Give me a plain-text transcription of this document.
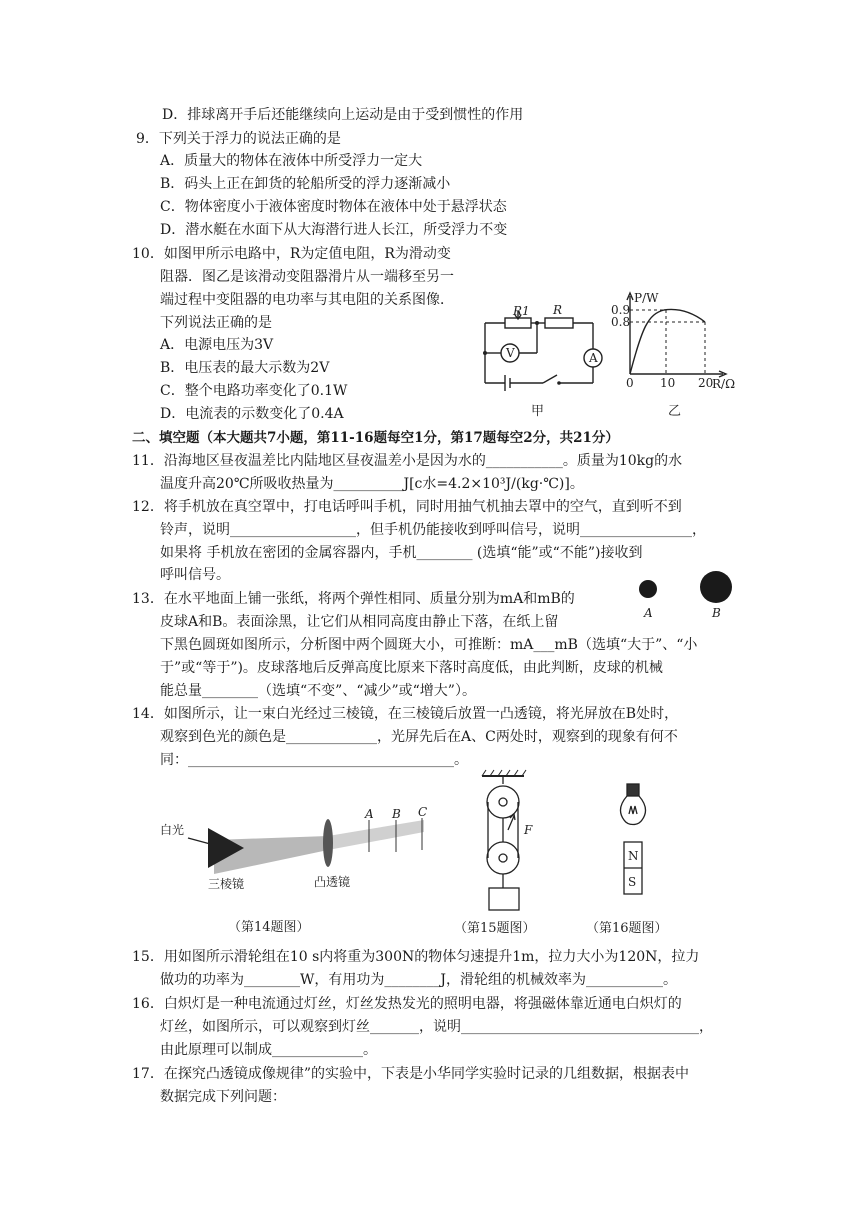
D．排球离开手后还能继续向上运动是由于受到惯性的作用
9．下列关于浮力的说法正确的是
A．质量大的物体在液体中所受浮力一定大
B．码头上正在卸货的轮船所受的浮力逐渐减小
C．物体密度小于液体密度时物体在液体中处于悬浮状态
D．潜水艇在水面下从大海潜行进人长江，所受浮力不变
10．如图甲所示电路中，R为定值电阻，R为滑动变
阻器．图乙是该滑动变阻器滑片从一端移至另一
端过程中变阻器的电功率与其电阻的关系图像．
下列说法正确的是
A．电源电压为3V
B．电压表的最大示数为2V
C．整个电路功率变化了0.1W
D．电流表的示数变化了0.4A
二、填空题（本大题共7小题，第11-16题每空1分，第17题每空2分，共21分）
11．沿海地区昼夜温差比内陆地区昼夜温差小是因为水的___________。质量为10kg的水
温度升高20℃所吸收热量为__________J[c水=4.2×10³J/(kg·℃)]。
12．将手机放在真空罩中，打电话呼叫手机，同时用抽气机抽去罩中的空气，直到听不到
铃声，说明__________________，但手机仍能接收到呼叫信号，说明________________，
如果将 手机放在密团的金属容器内，手机________ (选填“能”或“不能”)接收到
呼叫信号。
13．在水平地面上铺一张纸，将两个弹性相同、质量分别为mA和mB的
皮球A和B。表面涂黑，让它们从相同高度由静止下落，在纸上留
下黑色圆斑如图所示，分析图中两个圆斑大小，可推断：mA___mB（选填“大于”、“小
于”或“等于”)。皮球落地后反弹高度比原来下落时高度低，由此判断，皮球的机械
能总量________（选填“不变”、“减少”或“增大”）。
14．如图所示，让一束白光经过三棱镜，在三棱镜后放置一凸透镜，将光屏放在B处时，
观察到色光的颜色是_____________，光屏先后在A、C两处时，观察到的现象有何不
同：______________________________________。
15．用如图所示滑轮组在10 s内将重为300N的物体匀速提升1m，拉力大小为120N，拉力
做功的功率为________W，有用功为________J，滑轮组的机械效率为___________。
16．白炽灯是一种电流通过灯丝，灯丝发热发光的照明电器，将强磁体靠近通电白炽灯的
灯丝，如图所示，可以观察到灯丝_______，说明__________________________________，
由此原理可以制成_____________。
17．在探究凸透镜成像规律”的实验中，下表是小华同学实验时记录的几组数据，根据表中
数据完成下列问题：
R1 R
V	A
甲
P/W
R/Ω
0.9
0.8
0 10 20
乙
A	B
白光
三棱镜	凸透镜
A B C
（第14题图）
F
（第15题图）
N
S
（第16题图）
